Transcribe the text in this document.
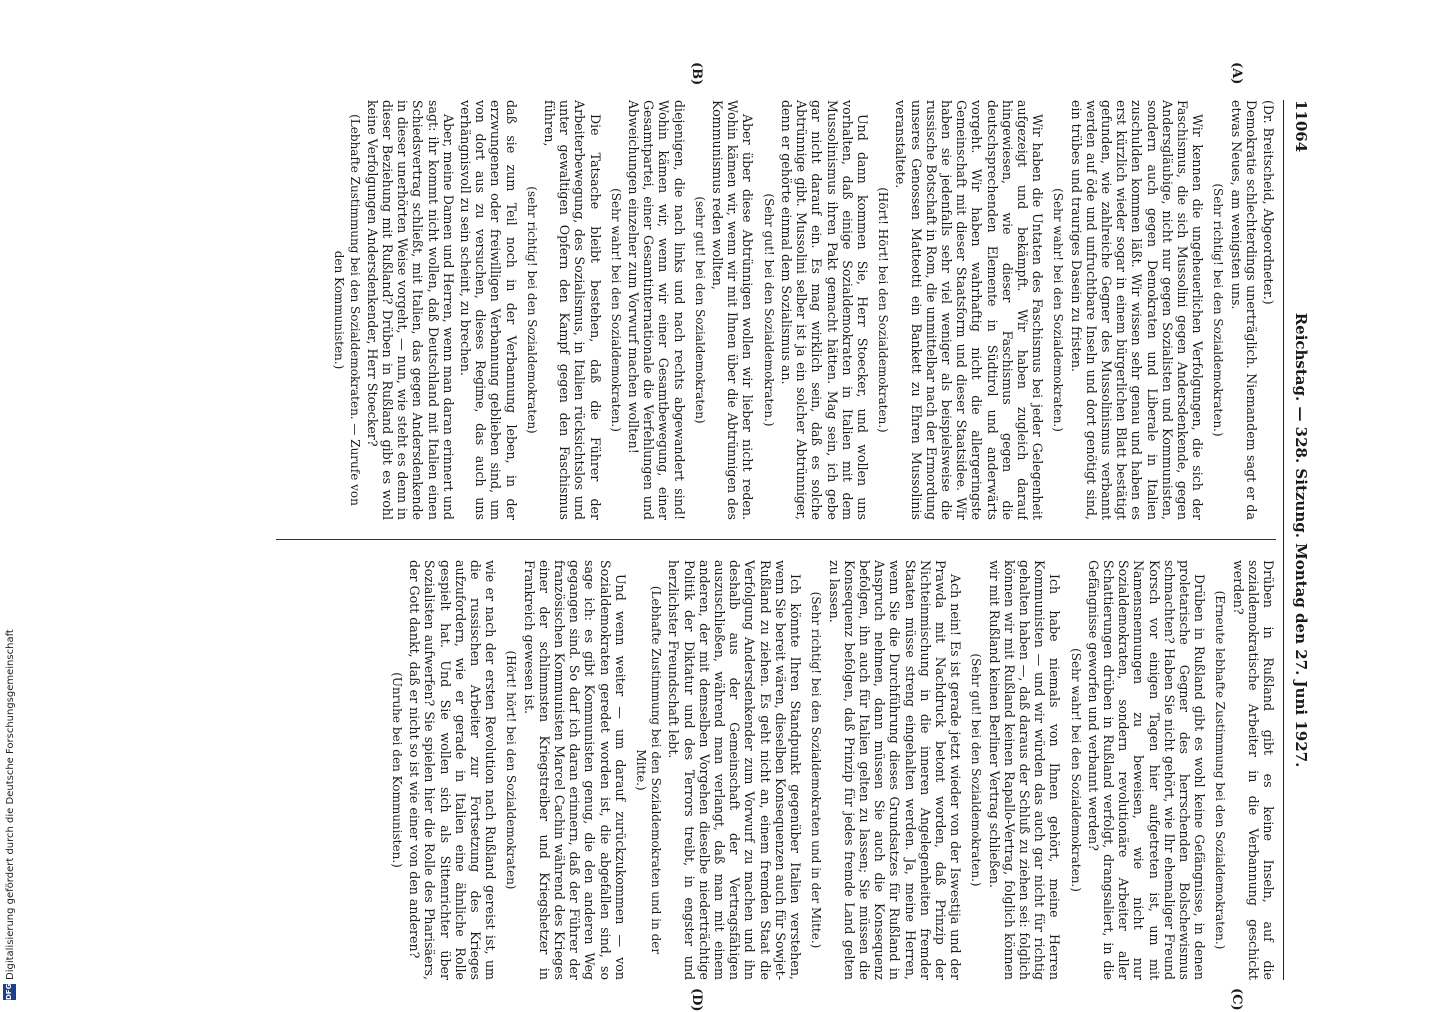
11064
Reichstag. — 328. Sitzung. Montag den 27. Juni 1927.

(Dr. Breitscheid, Abgeordneter.)

Demokratie schlechterdings unerträglich. Niemandem sagt er da etwas Neues, am wenigsten uns.

(Sehr richtig! bei den Sozialdemokraten.)

Wir kennen die ungeheuerlichen Verfolgungen, die sich der Faschismus, die sich Mussolini gegen Andersdenkende, gegen Andersgläubige, nicht nur gegen Sozialisten und Kommunisten, sondern auch gegen Demokraten und Liberale in Italien zuschulden kommen läßt. Wir wissen sehr genau und haben es erst kürzlich wieder sogar in einem bürgerlichen Blatt bestätigt gefunden, wie zahlreiche Gegner des Mussolinismus verbannt werden auf öde und unfruchtbare Inseln und dort genötigt sind, ein trübes und trauriges Dasein zu fristen.

(Sehr wahr! bei den Sozialdemokraten.)

Wir haben die Untaten des Faschismus bei jeder Gelegenheit aufgezeigt und bekämpft. Wir haben zugleich darauf hingewiesen, wie dieser Faschismus gegen die deutschsprechenden Elemente in Südtirol und anderwärts vorgeht. Wir haben wahrhaftig nicht die allergeringste Gemeinschaft mit dieser Staatsform und dieser Staatsidee. Wir haben sie jedenfalls sehr viel weniger als beispielsweise die russische Botschaft in Rom, die unmittelbar nach der Ermordung unseres Genossen Matteotti ein Bankett zu Ehren Mussolinis veranstaltete.

(Hört! Hört! bei den Sozialdemokraten.)

Und dann kommen Sie, Herr Stoecker, und wollen uns vorhalten, daß einige Sozialdemokraten in Italien mit dem Mussolinismus ihren Pakt gemacht hätten. Mag sein, ich gebe gar nicht darauf ein. Es mag wirklich sein, daß es solche Abtrünnige gibt. Mussolini selber ist ja ein solcher Abtrünniger, denn er gehörte einmal dem Sozialismus an.

(Sehr gut! bei den Sozialdemokraten.)

Aber über diese Abtrünnigen wollen wir lieber nicht reden. Wohin kämen wir, wenn wir mit Ihnen über die Abtrünnigen des Kommunismus reden wollten,

(sehr gut! bei den Sozialdemokraten)

diejenigen, die nach links und nach rechts abgewandert sind! Wohin kämen wir, wenn wir einer Gesamtbewegung, einer Gesamtpartei, einer Gesamtinternationale die Verfehlungen und Abweichungen einzelner zum Vorwurf machen wollten!

(Sehr wahr! bei den Sozialdemokraten.)

Die Tatsache bleibt bestehen, daß die Führer der Arbeiterbewegung, des Sozialismus, in Italien rücksichtslos und unter gewaltigen Opfern den Kampf gegen den Faschismus führen,

(sehr richtig! bei den Sozialdemokraten)

daß sie zum Teil noch in der Verbannung leben, in der erzwungenen oder freiwilligen Verbannung geblieben sind, um von dort aus zu versuchen, dieses Regime, das auch uns verhängnisvoll zu sein scheint, zu brechen.

Aber, meine Damen und Herren, wenn man daran erinnert und sagt: ihr kommt nicht wollen, daß Deutschland mit Italien einen Schiedsvertrag schließt, mit Italien, das gegen Andersdenkende in dieser unerhörten Weise vorgeht, — nun, wie steht es denn in dieser Beziehung mit Rußland? Drüben in Rußland gibt es wohl keine Verfolgungen Andersdenkender, Herr Stoecker?

(Lebhafte Zustimmung bei den Sozialdemokraten. — Zurufe von den Kommunisten.)

Drüben in Rußland gibt es keine Inseln, auf die sozialdemokratische Arbeiter in die Verbannung geschickt werden?

(Erneute lebhafte Zustimmung bei den Sozialdemokraten.)

Drüben in Rußland gibt es wohl keine Gefängnisse, in denen proletarische Gegner des herrschenden Bolschewismus schmachten? Haben Sie nicht gehört, wie Ihr ehemaliger Freund Korsch vor einigen Tagen hier aufgetreten ist, um mit Namensnennungen zu beweisen, wie nicht nur Sozialdemokraten, sondern revolutionäre Arbeiter aller Schattierungen drüben in Rußland verfolgt, drangsaliert, in die Gefängnisse geworfen und verbannt werden?

(Sehr wahr! bei den Sozialdemokraten.)

Ich habe niemals von Ihnen gehört, meine Herren Kommunisten — und wir würden das auch gar nicht für richtig gehalten haben —, daß daraus der Schluß zu ziehen sei: folglich können wir mit Rußland keinen Rapallo-Vertrag, folglich können wir mit Rußland keinen Berliner Vertrag schließen.

(Sehr gut! bei den Sozialdemokraten.)

Ach nein! Es ist gerade jetzt wieder von der Iswestija und der Prawda mit Nachdruck betont worden, daß Prinzip der Nichteinmischung in die inneren Angelegenheiten fremder Staaten müsse streng eingehalten werden. Ja, meine Herren, wenn Sie die Durchführung dieses Grundsatzes für Rußland in Anspruch nehmen, dann müssen Sie auch die Konsequenz befolgen, ihn auch für Italien gelten zu lassen; Sie müssen die Konsequenz befolgen, daß Prinzip für jedes fremde Land gelten zu lassen.

(Sehr richtig! bei den Sozialdemokraten und in der Mitte.)

Ich könnte Ihren Standpunkt gegenüber Italien verstehen, wenn Sie bereit wären, dieselben Konsequenzen auch für Sowjet-Rußland zu ziehen. Es geht nicht an, einem fremden Staat die Verfolgung Andersdenkender zum Vorwurf zu machen und ihn deshalb aus der Gemeinschaft der Vertragsfähigen auszuschließen, während man verlangt, daß man mit einem anderen, der mit demselben Vorgehen dieselbe niederträchtige Politik der Diktatur und des Terrors treibt, in engster und herzlichster Freundschaft lebt.

(Lebhafte Zustimmung bei den Sozialdemokraten und in der Mitte.)

Und wenn weiter — um darauf zurückzukommen — von Sozialdemokraten geredet worden ist, die abgefallen sind, so sage ich: es gibt Kommunisten genug, die den anderen Weg gegangen sind. So darf ich daran erinnern, daß der Führer der französischen Kommunisten Marcel Cachin während des Krieges einer der schlimmsten Kriegstreiber und Kriegshetzer in Frankreich gewesen ist.

(Hört! hört! bei den Sozialdemokraten)

wie er nach der ersten Revolution nach Rußland gereist ist, um die russischen Arbeiter zur Fortsetzung des Krieges aufzufordern, wie er gerade in Italien eine ähnliche Rolle gespielt hat. Und Sie wollen sich als Sittenrichter über Sozialisten aufwerfen? Sie spielen hier die Rolle des Pharisäers, der Gott dankt, daß er nicht so ist wie einer von den anderen?

(Unruhe bei den Kommunisten.)

(A)
(B)
(C)
(D)
DFG
Digitalisierung gefördert durch die Deutsche Forschungsgemeinschaft
